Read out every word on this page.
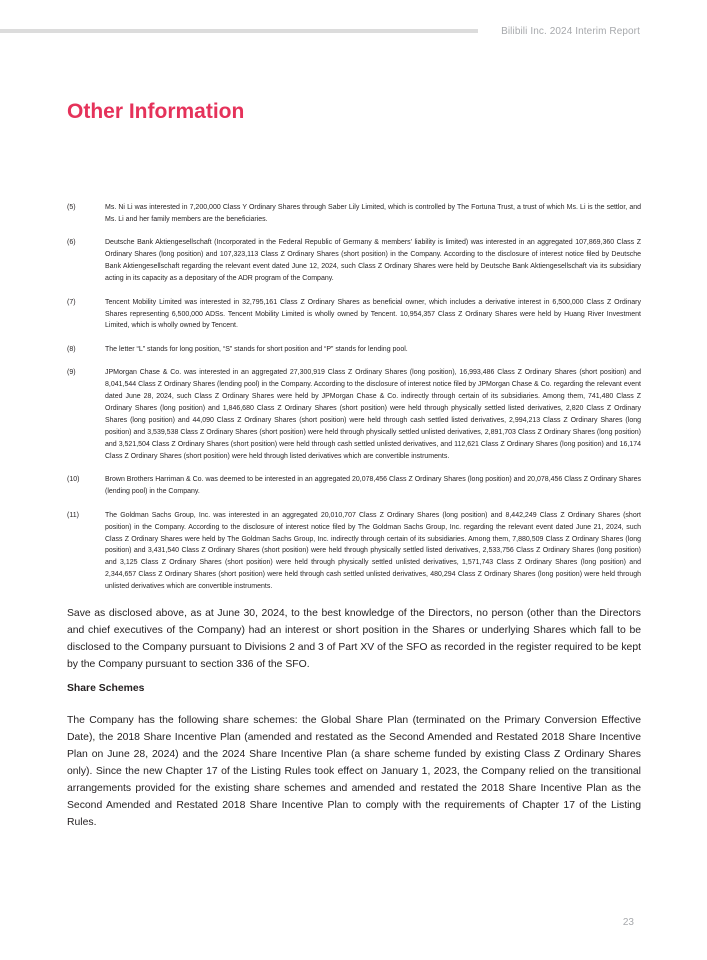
Bilibili Inc. 2024 Interim Report
Other Information
(5)	Ms. Ni Li was interested in 7,200,000 Class Y Ordinary Shares through Saber Lily Limited, which is controlled by The Fortuna Trust, a trust of which Ms. Li is the settlor, and Ms. Li and her family members are the beneficiaries.
(6)	Deutsche Bank Aktiengesellschaft (Incorporated in the Federal Republic of Germany & members’ liability is limited) was interested in an aggregated 107,869,360 Class Z Ordinary Shares (long position) and 107,323,113 Class Z Ordinary Shares (short position) in the Company. According to the disclosure of interest notice filed by Deutsche Bank Aktiengesellschaft regarding the relevant event dated June 12, 2024, such Class Z Ordinary Shares were held by Deutsche Bank Aktiengesellschaft via its subsidiary acting in its capacity as a depositary of the ADR program of the Company.
(7)	Tencent Mobility Limited was interested in 32,795,161 Class Z Ordinary Shares as beneficial owner, which includes a derivative interest in 6,500,000 Class Z Ordinary Shares representing 6,500,000 ADSs. Tencent Mobility Limited is wholly owned by Tencent. 10,954,357 Class Z Ordinary Shares were held by Huang River Investment Limited, which is wholly owned by Tencent.
(8)	The letter “L” stands for long position, “S” stands for short position and “P” stands for lending pool.
(9)	JPMorgan Chase & Co. was interested in an aggregated 27,300,919 Class Z Ordinary Shares (long position), 16,993,486 Class Z Ordinary Shares (short position) and 8,041,544 Class Z Ordinary Shares (lending pool) in the Company. According to the disclosure of interest notice filed by JPMorgan Chase & Co. regarding the relevant event dated June 28, 2024, such Class Z Ordinary Shares were held by JPMorgan Chase & Co. indirectly through certain of its subsidiaries. Among them, 741,480 Class Z Ordinary Shares (long position) and 1,846,680 Class Z Ordinary Shares (short position) were held through physically settled listed derivatives, 2,820 Class Z Ordinary Shares (long position) and 44,090 Class Z Ordinary Shares (short position) were held through cash settled listed derivatives, 2,994,213 Class Z Ordinary Shares (long position) and 3,539,538 Class Z Ordinary Shares (short position) were held through physically settled unlisted derivatives, 2,891,703 Class Z Ordinary Shares (long position) and 3,521,504 Class Z Ordinary Shares (short position) were held through cash settled unlisted derivatives, and 112,621 Class Z Ordinary Shares (long position) and 16,174 Class Z Ordinary Shares (short position) were held through listed derivatives which are convertible instruments.
(10)	Brown Brothers Harriman & Co. was deemed to be interested in an aggregated 20,078,456 Class Z Ordinary Shares (long position) and 20,078,456 Class Z Ordinary Shares (lending pool) in the Company.
(11)	The Goldman Sachs Group, Inc. was interested in an aggregated 20,010,707 Class Z Ordinary Shares (long position) and 8,442,249 Class Z Ordinary Shares (short position) in the Company. According to the disclosure of interest notice filed by The Goldman Sachs Group, Inc. regarding the relevant event dated June 21, 2024, such Class Z Ordinary Shares were held by The Goldman Sachs Group, Inc. indirectly through certain of its subsidiaries. Among them, 7,880,509 Class Z Ordinary Shares (long position) and 3,431,540 Class Z Ordinary Shares (short position) were held through physically settled listed derivatives, 2,533,756 Class Z Ordinary Shares (long position) and 3,125 Class Z Ordinary Shares (short position) were held through physically settled unlisted derivatives, 1,571,743 Class Z Ordinary Shares (long position) and 2,344,657 Class Z Ordinary Shares (short position) were held through cash settled unlisted derivatives, 480,294 Class Z Ordinary Shares (long position) were held through unlisted derivatives which are convertible instruments.

Save as disclosed above, as at June 30, 2024, to the best knowledge of the Directors, no person (other than the Directors and chief executives of the Company) had an interest or short position in the Shares or underlying Shares which fall to be disclosed to the Company pursuant to Divisions 2 and 3 of Part XV of the SFO as recorded in the register required to be kept by the Company pursuant to section 336 of the SFO.

Share Schemes

The Company has the following share schemes: the Global Share Plan (terminated on the Primary Conversion Effective Date), the 2018 Share Incentive Plan (amended and restated as the Second Amended and Restated 2018 Share Incentive Plan on June 28, 2024) and the 2024 Share Incentive Plan (a share scheme funded by existing Class Z Ordinary Shares only). Since the new Chapter 17 of the Listing Rules took effect on January 1, 2023, the Company relied on the transitional arrangements provided for the existing share schemes and amended and restated the 2018 Share Incentive Plan as the Second Amended and Restated 2018 Share Incentive Plan to comply with the requirements of Chapter 17 of the Listing Rules.

23
